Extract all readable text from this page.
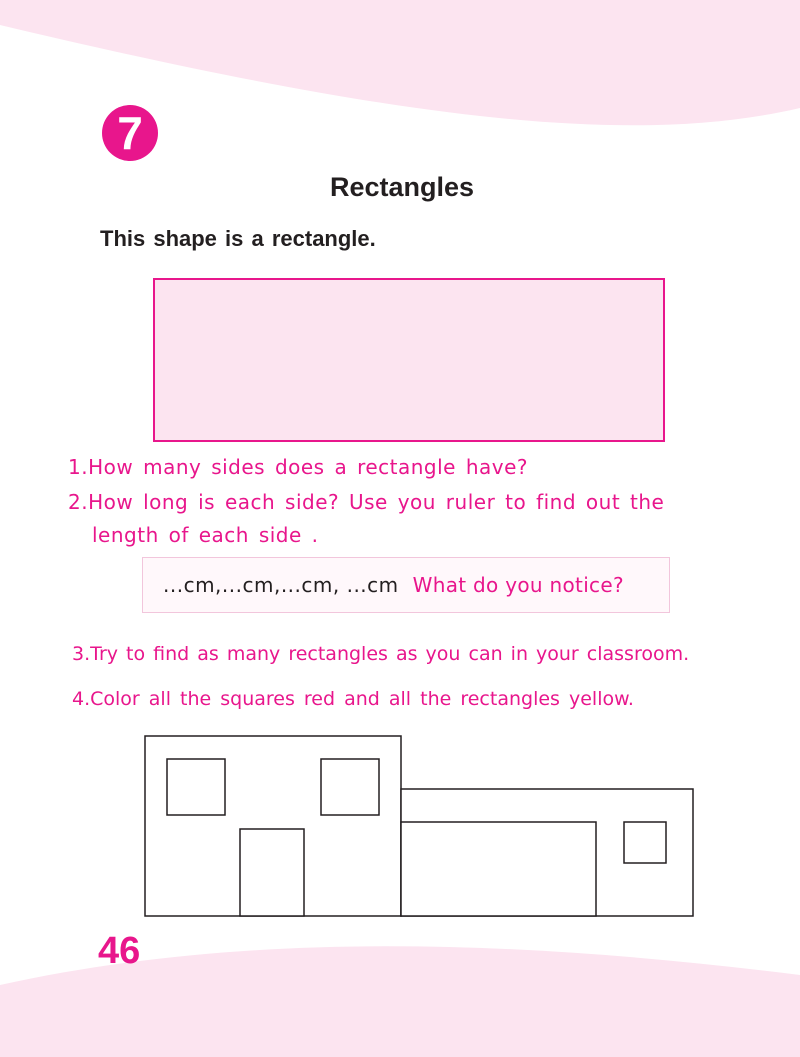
7
Rectangles
This shape is a rectangle.
1.How many sides does a rectangle have?
2.How long is each side? Use you ruler to find out the
length of each side .
...cm,...cm,...cm, ...cm What do you notice?
3.Try to find as many rectangles as you can in your classroom.
4.Color all the squares red and all the rectangles yellow.
46
